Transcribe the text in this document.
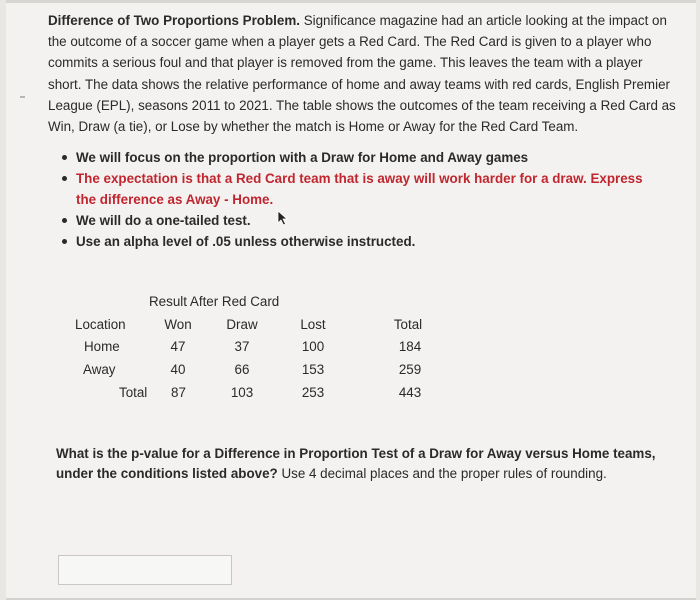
Difference of Two Proportions Problem. Significance magazine had an article looking at the impact on the outcome of a soccer game when a player gets a Red Card. The Red Card is given to a player who commits a serious foul and that player is removed from the game. This leaves the team with a player short. The data shows the relative performance of home and away teams with red cards, English Premier League (EPL), seasons 2011 to 2021. The table shows the outcomes of the team receiving a Red Card as Win, Draw (a tie), or Lose by whether the match is Home or Away for the Red Card Team.

We will focus on the proportion with a Draw for Home and Away games
The expectation is that a Red Card team that is away will work harder for a draw. Express the difference as Away - Home.
We will do a one-tailed test.
Use an alpha level of .05 unless otherwise instructed.
Result After Red Card
Location	Won	Draw	Lost	Total
Home	47	37	100	184
Away	40	66	153	259
Total 87	103	253	443

What is the p-value for a Difference in Proportion Test of a Draw for Away versus Home teams, under the conditions listed above? Use 4 decimal places and the proper rules of rounding.
